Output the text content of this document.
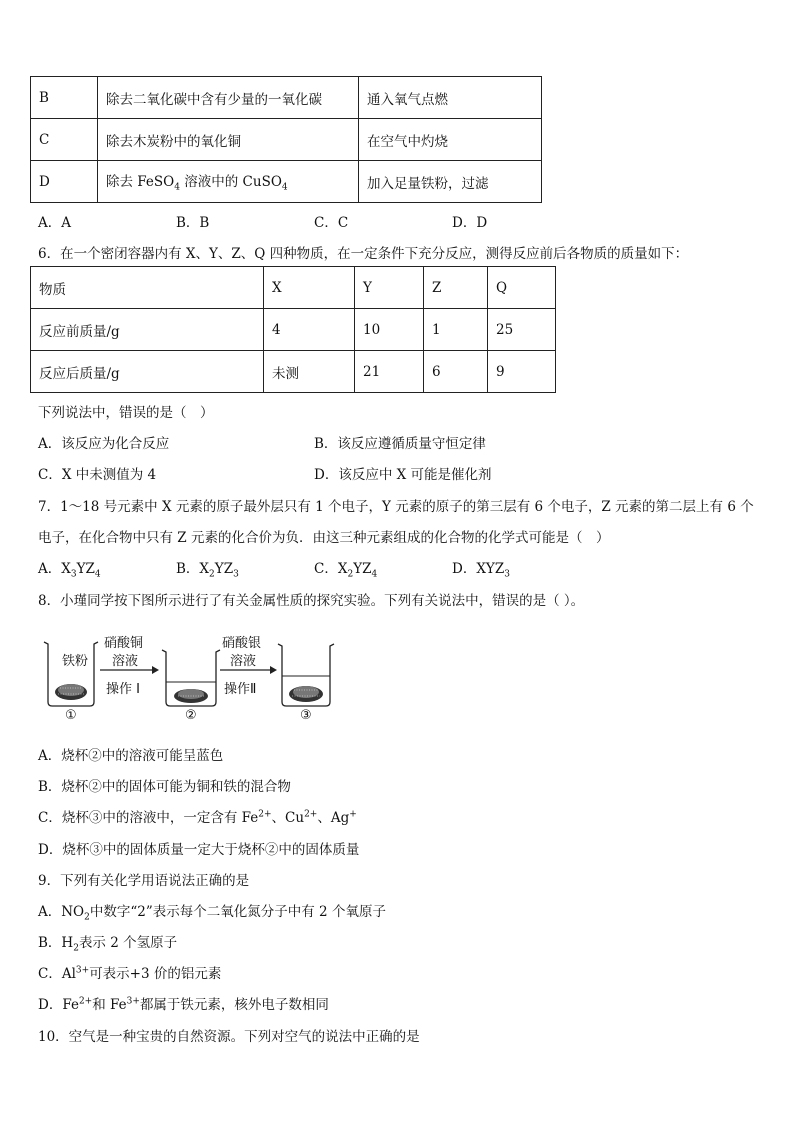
B	除去二氧化碳中含有少量的一氧化碳	通入氧气点燃
C	除去木炭粉中的氧化铜	在空气中灼烧
D	除去 FeSO$_4$ 溶液中的 CuSO$_4$	加入足量铁粉，过滤
A．A	B．B	C．C	D．D
6．在一个密闭容器内有 X、Y、Z、Q 四种物质，在一定条件下充分反应，测得反应前后各物质的质量如下：
物质	X	Y	Z	Q
反应前质量/g	4	10	1	25
反应后质量/g	未测	21	6	9
下列说法中，错误的是（　）
A．该反应为化合反应	B．该反应遵循质量守恒定律
C．X 中未测值为 4	D．该反应中 X 可能是催化剂
7．1～18 号元素中 X 元素的原子最外层只有 1 个电子，Y 元素的原子的第三层有 6 个电子，Z 元素的第二层上有 6 个
电子，在化合物中只有 Z 元素的化合价为负．由这三种元素组成的化合物的化学式可能是（　）
A．$X_3YZ_4$	B．$X_2YZ_3$	C．$X_2YZ_4$	D．$XYZ_3$
8．小瑾同学按下图所示进行了有关金属性质的探究实验。下列有关说法中，错误的是（ ）。
铁粉
硝酸铜
溶液
操作 I
硝酸银
溶液
操作Ⅱ
①	②	③
A．烧杯②中的溶液可能呈蓝色
B．烧杯②中的固体可能为铜和铁的混合物
C．烧杯③中的溶液中，一定含有 $Fe^{2+}$、$Cu^{2+}$、Ag+
D．烧杯③中的固体质量一定大于烧杯②中的固体质量
9．下列有关化学用语说法正确的是
A．$NO_2$中数字“2”表示每个二氧化氮分子中有 2 个氧原子
B．$H_2$表示 2 个氢原子
C．$Al^{3+}$可表示+3 价的铝元素
D．$Fe^{2+}$和 $Fe^{3+}$都属于铁元素，核外电子数相同
10．空气是一种宝贵的自然资源。下列对空气的说法中正确的是
